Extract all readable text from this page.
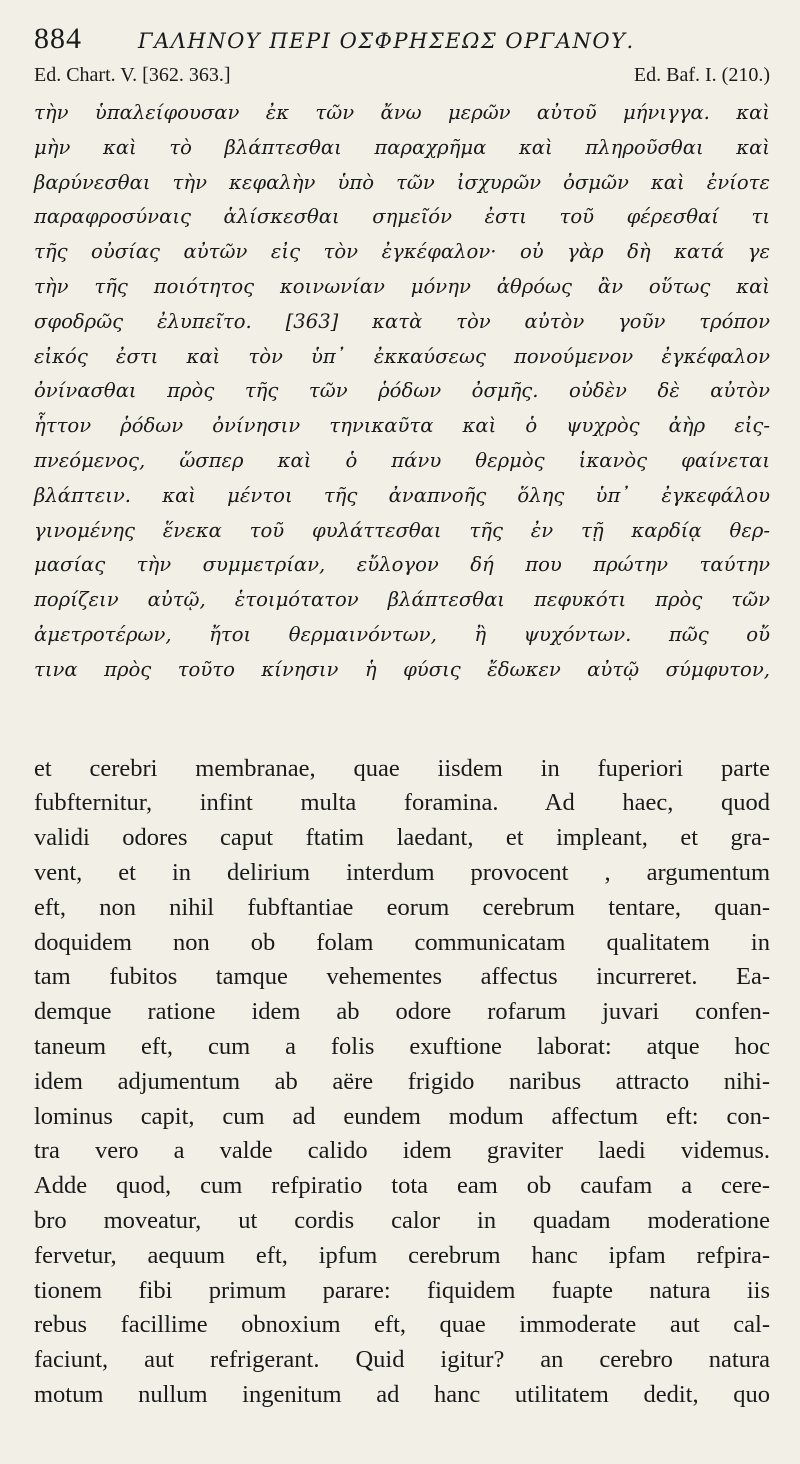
884	ΓΑΛΗΝΟΥ ΠΕΡΙ ΟΣΦΡΗΣΕΩΣ ΟΡΓΑΝΟΥ.
Ed. Chart. V. [362. 363.]	Ed. Baf. I. (210.)
τὴν ὑπαλείφουσαν ἐκ τῶν ἄνω μερῶν αὐτοῦ μήνιγγα. καὶ
μὴν καὶ τὸ βλάπτεσθαι παραχρῆμα καὶ πληροῦσθαι καὶ
βαρύνεσθαι τὴν κεφαλὴν ὑπὸ τῶν ἰσχυρῶν ὀσμῶν καὶ ἐνίοτε
παραφροσύναις ἁλίσκεσθαι σημεῖόν ἐστι τοῦ φέρεσθαί τι
τῆς οὐσίας αὐτῶν εἰς τὸν ἐγκέφαλον· οὐ γὰρ δὴ κατά γε
τὴν τῆς ποιότητος κοινωνίαν μόνην ἀθρόως ἂν οὕτως καὶ
σφοδρῶς ἐλυπεῖτο. [363] κατὰ τὸν αὐτὸν γοῦν τρόπον
εἰκός ἐστι καὶ τὸν ὑπ᾿ ἐκκαύσεως πονούμενον ἐγκέφαλον
ὀνίνασθαι πρὸς τῆς τῶν ῥόδων ὀσμῆς. οὐδὲν δὲ αὐτὸν
ἧττον ῥόδων ὀνίνησιν τηνικαῦτα καὶ ὁ ψυχρὸς ἀὴρ εἰς-
πνεόμενος, ὥσπερ καὶ ὁ πάνυ θερμὸς ἱκανὸς φαίνεται
βλάπτειν. καὶ μέντοι τῆς ἀναπνοῆς ὅλης ὑπ᾿ ἐγκεφάλου
γινομένης ἕνεκα τοῦ φυλάττεσθαι τῆς ἐν τῇ καρδίᾳ θερ-
μασίας τὴν συμμετρίαν, εὔλογον δή που πρώτην ταύτην
πορίζειν αὐτῷ, ἑτοιμότατον βλάπτεσθαι πεφυκότι πρὸς τῶν
ἀμετροτέρων, ἤτοι θερμαινόντων, ἢ ψυχόντων. πῶς οὔ
τινα πρὸς τοῦτο κίνησιν ἡ φύσις ἔδωκεν αὐτῷ σύμφυτον,
et cerebri membranae, quae iisdem in fuperiori parte
fubfternitur, infint multa foramina. Ad haec, quod
validi odores caput ftatim laedant, et impleant, et gra-
vent, et in delirium interdum provocent , argumentum
eft, non nihil fubftantiae eorum cerebrum tentare, quan-
doquidem non ob folam communicatam qualitatem in
tam fubitos tamque vehementes affectus incurreret. Ea-
demque ratione idem ab odore rofarum juvari confen-
taneum eft, cum a folis exuftione laborat: atque hoc
idem adjumentum ab aëre frigido naribus attracto nihi-
lominus capit, cum ad eundem modum affectum eft: con-
tra vero a valde calido idem graviter laedi videmus.
Adde quod, cum refpiratio tota eam ob caufam a cere-
bro moveatur, ut cordis calor in quadam moderatione
fervetur, aequum eft, ipfum cerebrum hanc ipfam refpira-
tionem fibi primum parare: fiquidem fuapte natura iis
rebus facillime obnoxium eft, quae immoderate aut cal-
faciunt, aut refrigerant. Quid igitur? an cerebro natura
motum nullum ingenitum ad hanc utilitatem dedit, quo
